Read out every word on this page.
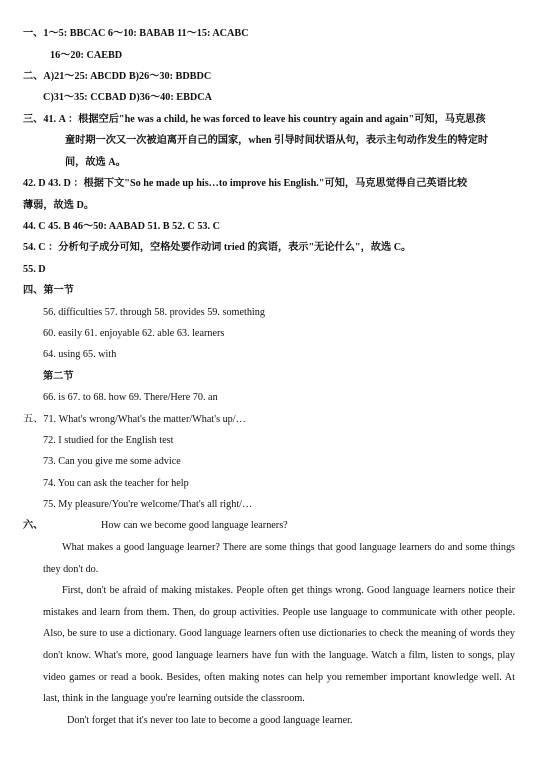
一、1～5: BBCAC 6～10: BABAB 11～15: ACABC
16～20: CAEBD
二、A)21～25: ABCDD B)26～30: BDBDC
C)31～35: CCBAD D)36～40: EBDCA
三、41. A ：根据空后"he was a child, he was forced to leave his country again and again"可知，马克思孩
童时期一次又一次被迫离开自己的国家，when 引导时间状语从句，表示主句动作发生的特定时
间，故选 A。
42. D 43. D ：根据下文"So he made up his…to improve his English."可知，马克思觉得自己英语比较
薄弱，故选 D。
44. C 45. B 46～50: AABAD 51. B 52. C 53. C
54. C ：分析句子成分可知，空格处要作动词 tried 的宾语，表示"无论什么"，故选 C。
55. D
四、第一节
56. difficulties 57. through 58. provides 59. something
60. easily 61. enjoyable 62. able 63. learners
64. using 65. with
第二节
66. is 67. to 68. how 69. There/Here 70. an
五、71. What's wrong/What's the matter/What's up/…
72. I studied for the English test
73. Can you give me some advice
74. You can ask the teacher for help
75. My pleasure/You're welcome/That's all right/…
六、	How can we become good language learners?

What makes a good language learner? There are some things that good language learners do and some things they don't do.

First, don't be afraid of making mistakes. People often get things wrong. Good language learners notice their mistakes and learn from them. Then, do group activities. People use language to communicate with other people. Also, be sure to use a dictionary. Good language learners often use dictionaries to check the meaning of words they don't know. What's more, good language learners have fun with the language. Watch a film, listen to songs, play video games or read a book. Besides, often making notes can help you remember important knowledge well. At last, think in the language you're learning outside the classroom.

Don't forget that it's never too late to become a good language learner.
